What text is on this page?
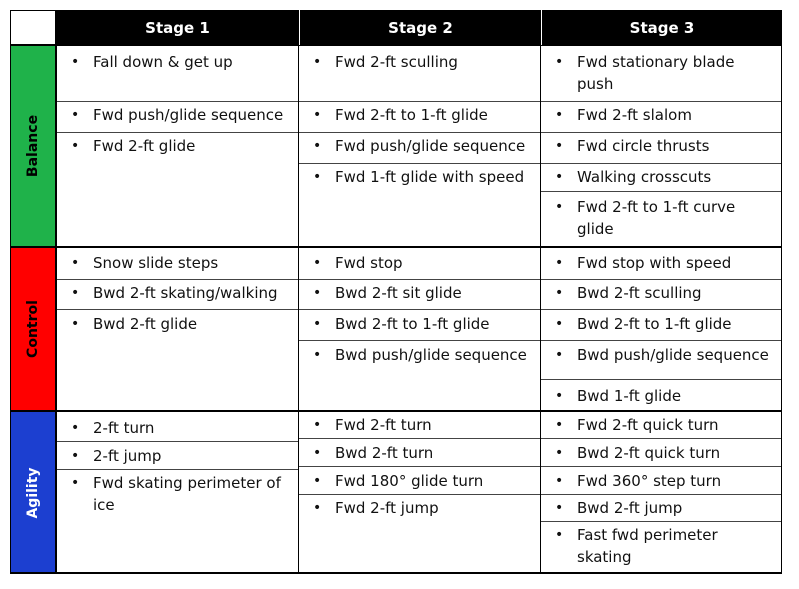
Stage 1	Stage 2	Stage 3
Balance
Control
Agility
• Fall down & get up
• Fwd push/glide sequence
• Fwd 2-ft glide
• Fwd 2-ft sculling
• Fwd 2-ft to 1-ft glide
• Fwd push/glide sequence
• Fwd 1-ft glide with speed
• Fwd stationary blade push
• Fwd 2-ft slalom
• Fwd circle thrusts
• Walking crosscuts
• Fwd 2-ft to 1-ft curve glide
• Snow slide steps
• Bwd 2-ft skating/walking
• Bwd 2-ft glide
• Fwd stop
• Bwd 2-ft sit glide
• Bwd 2-ft to 1-ft glide
• Bwd push/glide sequence
• Fwd stop with speed
• Bwd 2-ft sculling
• Bwd 2-ft to 1-ft glide
• Bwd push/glide sequence
• Bwd 1-ft glide
• 2-ft turn
• 2-ft jump
• Fwd skating perimeter of ice
• Fwd 2-ft turn
• Bwd 2-ft turn
• Fwd 180° glide turn
• Fwd 2-ft jump
• Fwd 2-ft quick turn
• Bwd 2-ft quick turn
• Fwd 360° step turn
• Bwd 2-ft jump
• Fast fwd perimeter skating
